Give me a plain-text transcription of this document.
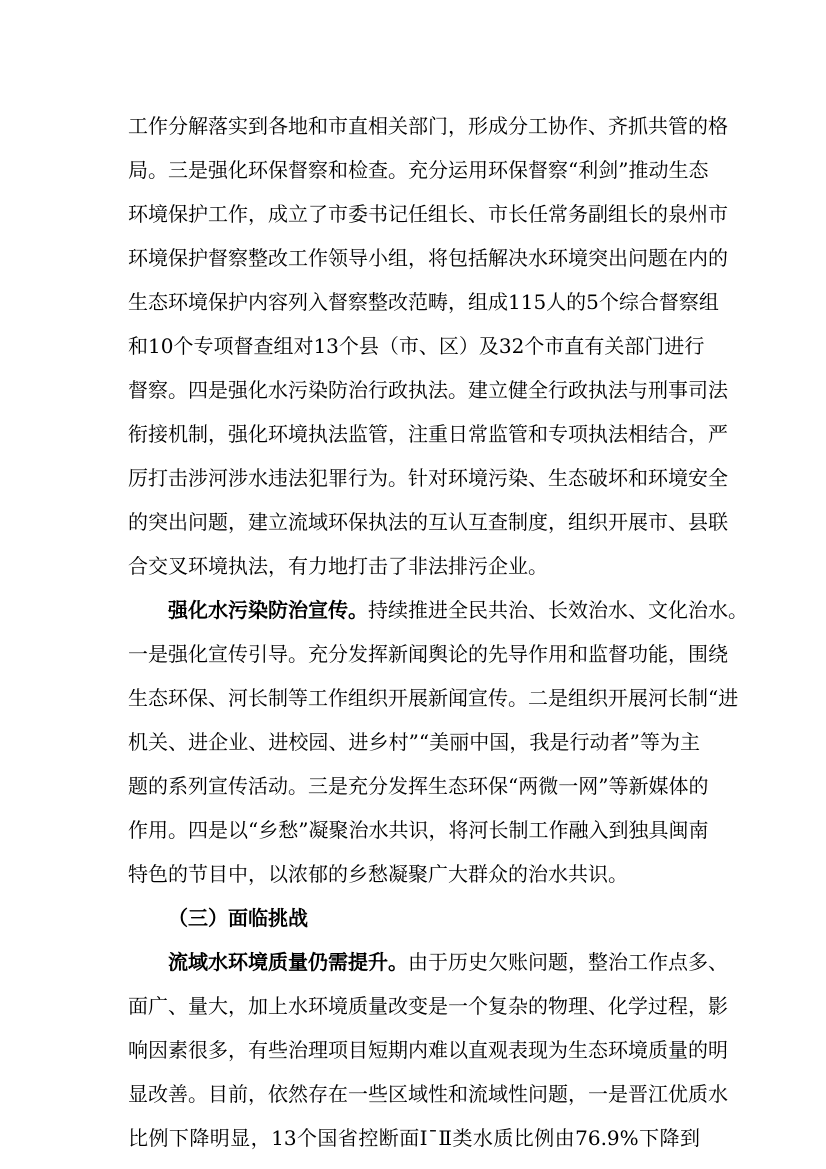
工作分解落实到各地和市直相关部门，形成分工协作、齐抓共管的格
局。三是强化环保督察和检查。充分运用环保督察“利剑”推动生态
环境保护工作，成立了市委书记任组长、市长任常务副组长的泉州市
环境保护督察整改工作领导小组，将包括解决水环境突出问题在内的
生态环境保护内容列入督察整改范畴，组成115人的5个综合督察组
和10个专项督查组对13个县（市、区）及32个市直有关部门进行
督察。四是强化水污染防治行政执法。建立健全行政执法与刑事司法
衔接机制，强化环境执法监管，注重日常监管和专项执法相结合，严
厉打击涉河涉水违法犯罪行为。针对环境污染、生态破坏和环境安全
的突出问题，建立流域环保执法的互认互查制度，组织开展市、县联
合交叉环境执法，有力地打击了非法排污企业。
强化水污染防治宣传。持续推进全民共治、长效治水、文化治水。
一是强化宣传引导。充分发挥新闻舆论的先导作用和监督功能，围绕
生态环保、河长制等工作组织开展新闻宣传。二是组织开展河长制“进
机关、进企业、进校园、进乡村”“美丽中国，我是行动者”等为主
题的系列宣传活动。三是充分发挥生态环保“两微一网”等新媒体的
作用。四是以“乡愁”凝聚治水共识，将河长制工作融入到独具闽南
特色的节目中，以浓郁的乡愁凝聚广大群众的治水共识。
（三）面临挑战
流域水环境质量仍需提升。由于历史欠账问题，整治工作点多、
面广、量大，加上水环境质量改变是一个复杂的物理、化学过程，影
响因素很多，有些治理项目短期内难以直观表现为生态环境质量的明
显改善。目前，依然存在一些区域性和流域性问题，一是晋江优质水
比例下降明显，13个国省控断面Ⅰ¯Ⅱ类水质比例由76.9%下降到
